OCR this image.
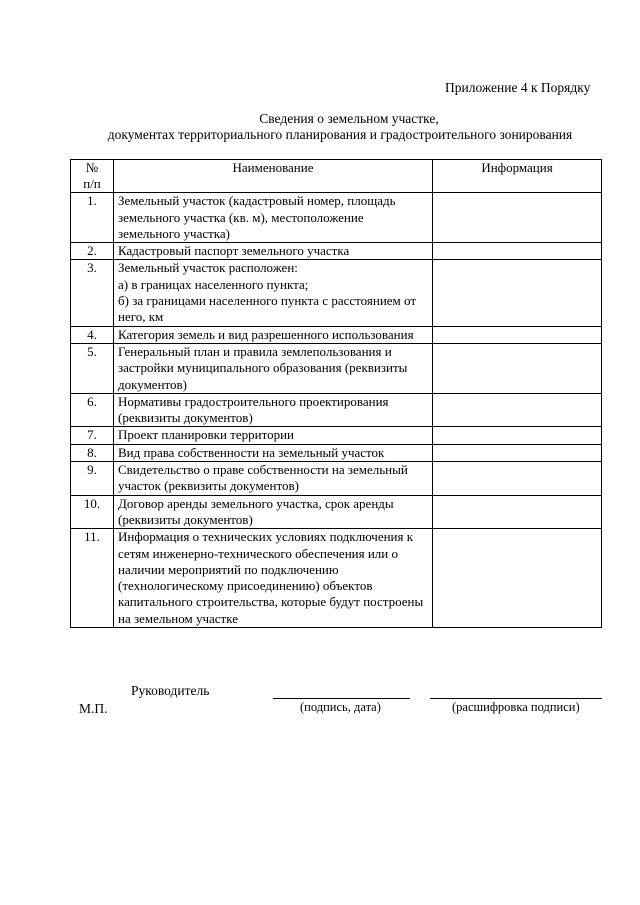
Приложение 4 к Порядку
Сведения о земельном участке,
документах территориального планирования и градостроительного зонирования
№ п/п	Наименование	Информация
1.	Земельный участок (кадастровый номер, площадь земельного участка (кв. м), местоположение земельного участка)	
2.	Кадастровый паспорт земельного участка	
3.	Земельный участок расположен:
а) в границах населенного пункта;
б) за границами населенного пункта с расстоянием от него, км	
4.	Категория земель и вид разрешенного использования	
5.	Генеральный план и правила землепользования и застройки муниципального образования (реквизиты документов)	
6.	Нормативы градостроительного проектирования (реквизиты документов)	
7.	Проект планировки территории	
8.	Вид права собственности на земельный участок	
9.	Свидетельство о праве собственности на земельный участок (реквизиты документов)	
10.	Договор аренды земельного участка, срок аренды (реквизиты документов)	
11.	Информация о технических условиях подключения к сетям инженерно-технического обеспечения или о наличии мероприятий по подключению (технологическому присоединению) объектов капитального строительства, которые будут построены на земельном участке	
Руководитель
М.П.	(подпись, дата)	(расшифровка подписи)
